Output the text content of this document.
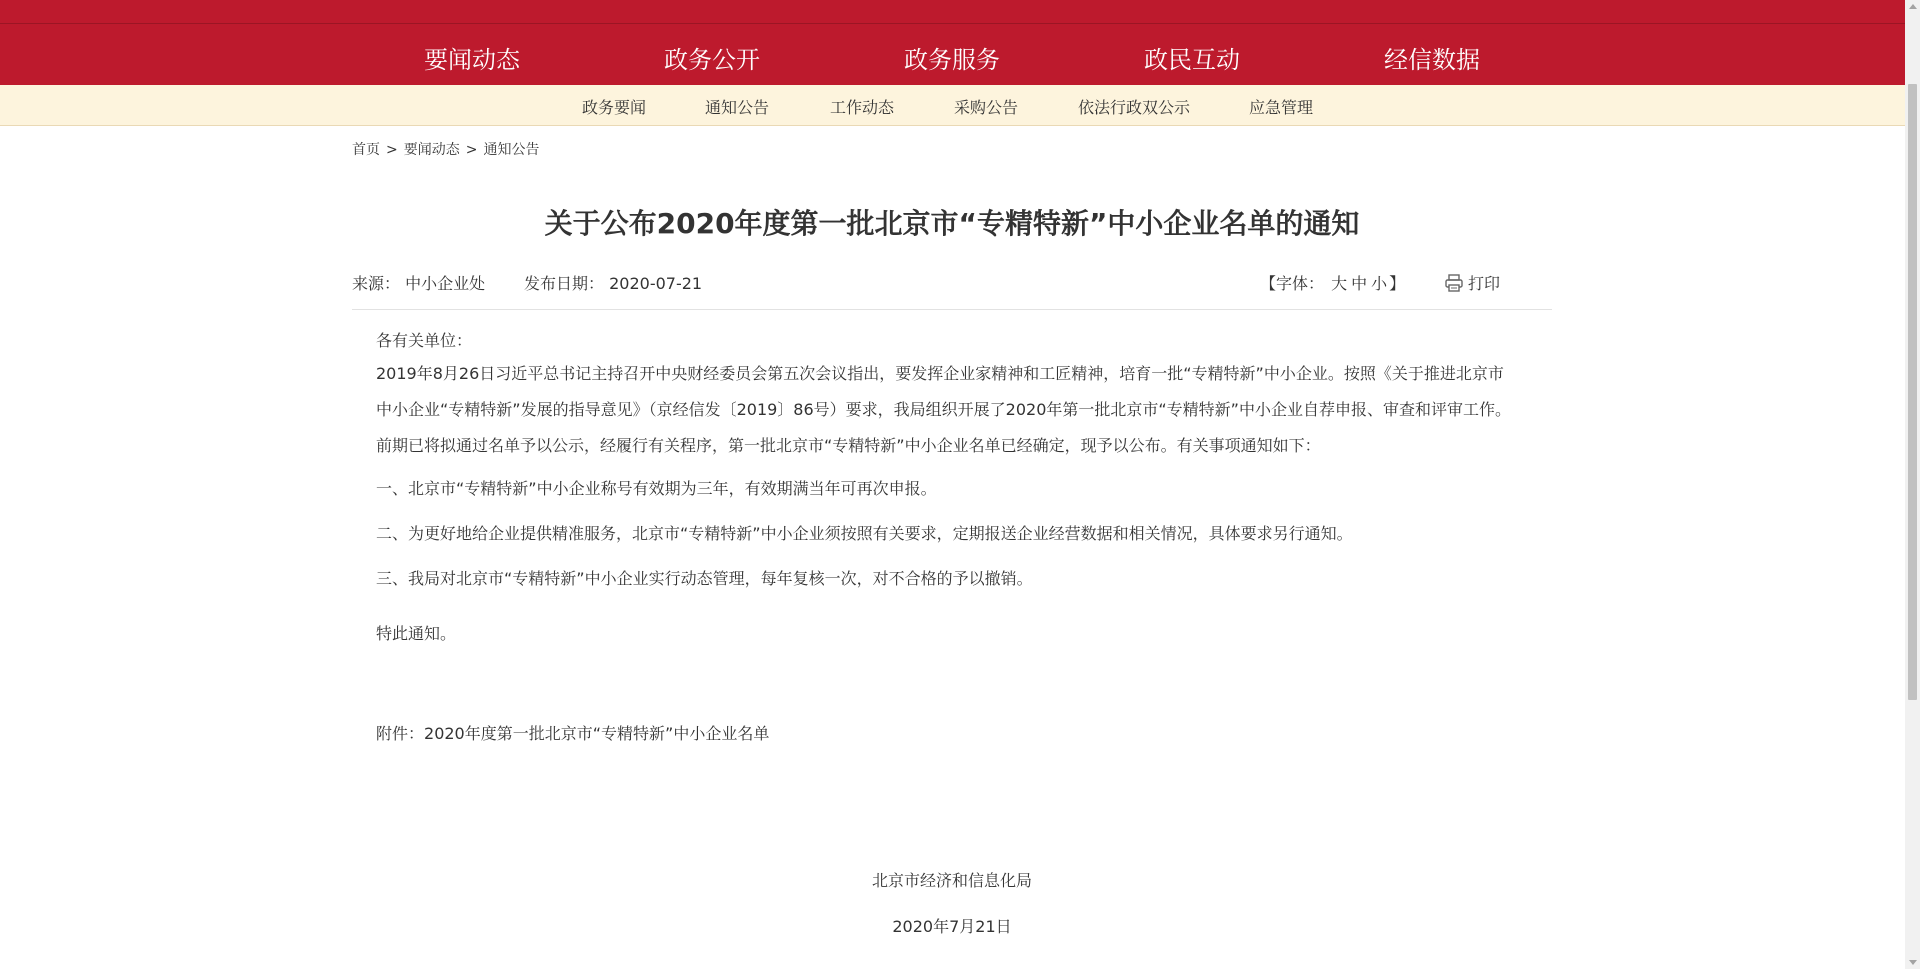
要闻动态	政务公开	政务服务	政民互动	经信数据
政务要闻	通知公告	工作动态	采购公告	依法行政双公示	应急管理
首页 > 要闻动态 > 通知公告
关于公布2020年度第一批北京市“专精特新”中小企业名单的通知
来源： 中小企业处 发布日期： 2020-07-21	【字体： 大 中 小 】	打印

各有关单位：

2019年8月26日习近平总书记主持召开中央财经委员会第五次会议指出，要发挥企业家精神和工匠精神，培育一批“专精特新”中小企业。按照《关于推进北京市中小企业“专精特新”发展的指导意见》（京经信发〔2019〕86号）要求，我局组织开展了2020年第一批北京市“专精特新”中小企业自荐申报、审查和评审工作。前期已将拟通过名单予以公示，经履行有关程序，第一批北京市“专精特新”中小企业名单已经确定，现予以公布。有关事项通知如下：

一、北京市“专精特新”中小企业称号有效期为三年，有效期满当年可再次申报。

二、为更好地给企业提供精准服务，北京市“专精特新”中小企业须按照有关要求，定期报送企业经营数据和相关情况，具体要求另行通知。

三、我局对北京市“专精特新”中小企业实行动态管理，每年复核一次，对不合格的予以撤销。

特此通知。

附件：2020年度第一批北京市“专精特新”中小企业名单

北京市经济和信息化局
2020年7月21日
